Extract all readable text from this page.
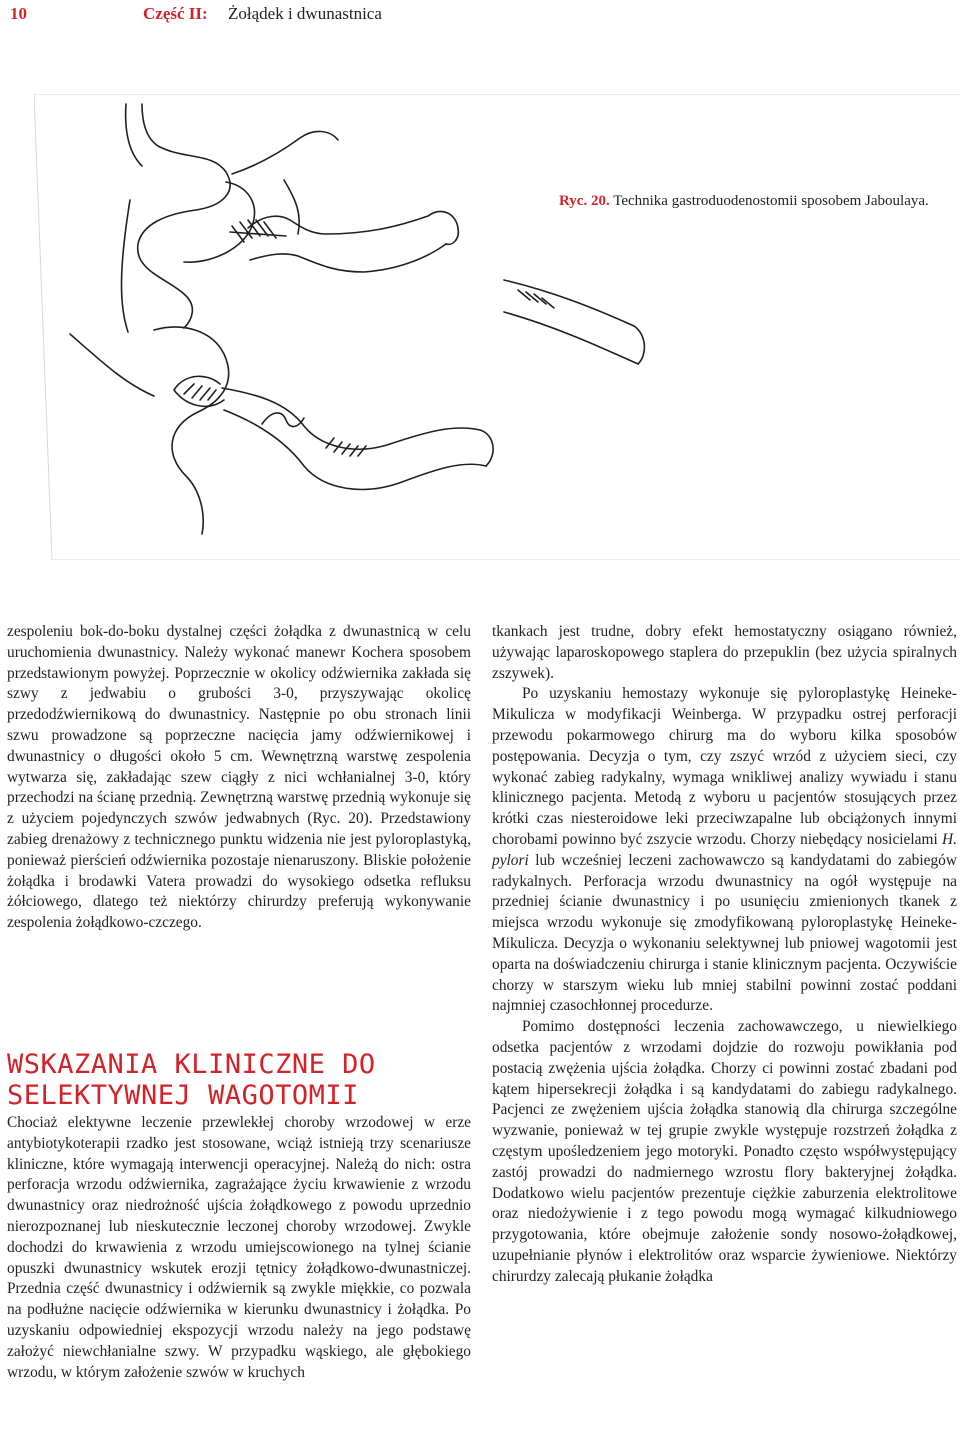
10	Część II: Żołądek i dwunastnica
Ryc. 20. Technika gastroduodenostomii sposobem Jaboulaya.

zespoleniu bok-do-boku dystalnej części żołądka z dwunastnicą w celu uruchomienia dwunastnicy. Należy wykonać manewr Kochera sposobem przedstawionym powyżej. Poprzecznie w okolicy odźwiernika zakłada się szwy z jedwabiu o grubości 3-0, przyszywając okolicę przedodźwiernikową do dwunastnicy. Następnie po obu stronach linii szwu prowadzone są poprzeczne nacięcia jamy odźwiernikowej i dwunastnicy o długości około 5 cm. Wewnętrzną warstwę zespolenia wytwarza się, zakładając szew ciągły z nici wchłanialnej 3-0, który przechodzi na ścianę przednią. Zewnętrzną warstwę przednią wykonuje się z użyciem pojedynczych szwów jedwabnych (Ryc. 20). Przedstawiony zabieg drenażowy z technicznego punktu widzenia nie jest pyloroplastyką, ponieważ pierścień odźwiernika pozostaje nienaruszony. Bliskie położenie żołądka i brodawki Vatera prowadzi do wysokiego odsetka refluksu żółciowego, dlatego też niektórzy chirurdzy preferują wykonywanie zespolenia żołądkowo-czczego.

WSKAZANIA KLINICZNE DO
SELEKTYWNEJ WAGOTOMII

Chociaż elektywne leczenie przewlekłej choroby wrzodowej w erze antybiotykoterapii rzadko jest stosowane, wciąż istnieją trzy scenariusze kliniczne, które wymagają interwencji operacyjnej. Należą do nich: ostra perforacja wrzodu odźwiernika, zagrażające życiu krwawienie z wrzodu dwunastnicy oraz niedrożność ujścia żołądkowego z powodu uprzednio nierozpoznanej lub nieskutecznie leczonej choroby wrzodowej. Zwykle dochodzi do krwawienia z wrzodu umiejscowionego na tylnej ścianie opuszki dwunastnicy wskutek erozji tętnicy żołądkowo-dwunastniczej. Przednia część dwunastnicy i odźwiernik są zwykle miękkie, co pozwala na podłużne nacięcie odźwiernika w kierunku dwunastnicy i żołądka. Po uzyskaniu odpowiedniej ekspozycji wrzodu należy na jego podstawę założyć niewchłanialne szwy. W przypadku wąskiego, ale głębokiego wrzodu, w którym założenie szwów w kruchych

tkankach jest trudne, dobry efekt hemostatyczny osiągano również, używając laparoskopowego staplera do przepuklin (bez użycia spiralnych zszywek).

Po uzyskaniu hemostazy wykonuje się pyloroplastykę Heineke-Mikulicza w modyfikacji Weinberga. W przypadku ostrej perforacji przewodu pokarmowego chirurg ma do wyboru kilka sposobów postępowania. Decyzja o tym, czy zszyć wrzód z użyciem sieci, czy wykonać zabieg radykalny, wymaga wnikliwej analizy wywiadu i stanu klinicznego pacjenta. Metodą z wyboru u pacjentów stosujących przez krótki czas niesteroidowe leki przeciwzapalne lub obciążonych innymi chorobami powinno być zszycie wrzodu. Chorzy niebędący nosicielami H. pylori lub wcześniej leczeni zachowawczo są kandydatami do zabiegów radykalnych. Perforacja wrzodu dwunastnicy na ogół występuje na przedniej ścianie dwunastnicy i po usunięciu zmienionych tkanek z miejsca wrzodu wykonuje się zmodyfikowaną pyloroplastykę Heineke-Mikulicza. Decyzja o wykonaniu selektywnej lub pniowej wagotomii jest oparta na doświadczeniu chirurga i stanie klinicznym pacjenta. Oczywiście chorzy w starszym wieku lub mniej stabilni powinni zostać poddani najmniej czasochłonnej procedurze.

Pomimo dostępności leczenia zachowawczego, u niewielkiego odsetka pacjentów z wrzodami dojdzie do rozwoju powikłania pod postacią zwężenia ujścia żołądka. Chorzy ci powinni zostać zbadani pod kątem hipersekrecji żołądka i są kandydatami do zabiegu radykalnego. Pacjenci ze zwężeniem ujścia żołądka stanowią dla chirurga szczególne wyzwanie, ponieważ w tej grupie zwykle występuje rozstrzeń żołądka z częstym upośledzeniem jego motoryki. Ponadto często współwystępujący zastój prowadzi do nadmiernego wzrostu flory bakteryjnej żołądka. Dodatkowo wielu pacjentów prezentuje ciężkie zaburzenia elektrolitowe oraz niedożywienie i z tego powodu mogą wymagać kilkudniowego przygotowania, które obejmuje założenie sondy nosowo-żołądkowej, uzupełnianie płynów i elektrolitów oraz wsparcie żywieniowe. Niektórzy chirurdzy zalecają płukanie żołądka
